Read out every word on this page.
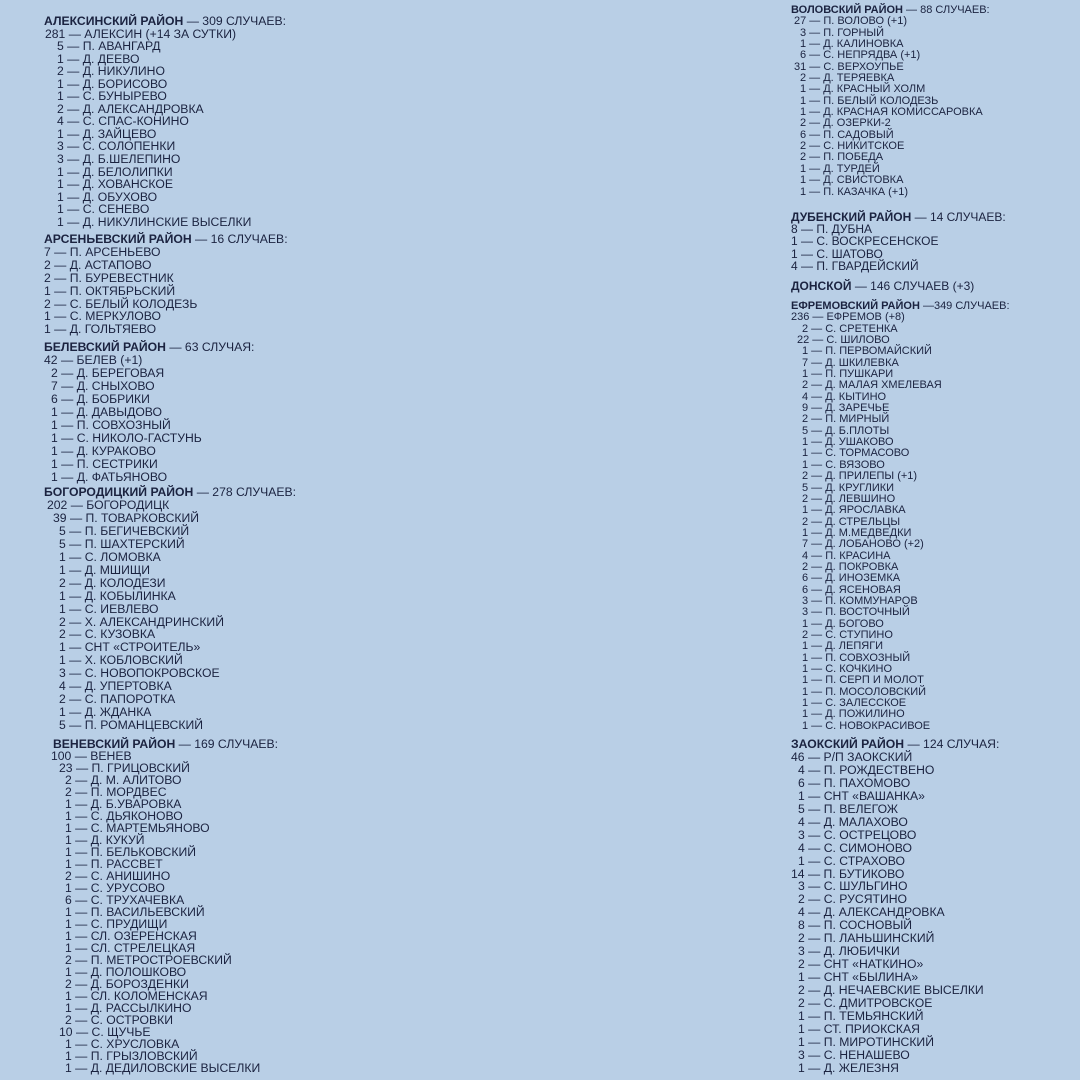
АЛЕКСИНСКИЙ РАЙОН — 309 СЛУЧАЕВ:
281 — АЛЕКСИН (+14 ЗА СУТКИ)
5 — П. АВАНГАРД
1 — Д. ДЕЕВО
2 — Д. НИКУЛИНО
1 — Д. БОРИСОВО
1 — С. БУНЫРЕВО
2 — Д. АЛЕКСАНДРОВКА
4 — С. СПАС-КОНИНО
1 — Д. ЗАЙЦЕВО
3 — С. СОЛОПЕНКИ
3 — Д. Б.ШЕЛЕПИНО
1 — Д. БЕЛОЛИПКИ
1 — Д. ХОВАНСКОЕ
1 — Д. ОБУХОВО
1 — С. СЕНЕВО
1 — Д. НИКУЛИНСКИЕ ВЫСЕЛКИ
АРСЕНЬЕВСКИЙ РАЙОН — 16 СЛУЧАЕВ:
7 — П. АРСЕНЬЕВО
2 — Д. АСТАПОВО
2 — П. БУРЕВЕСТНИК
1 — П. ОКТЯБРЬСКИЙ
2 — С. БЕЛЫЙ КОЛОДЕЗЬ
1 — С. МЕРКУЛОВО
1 — Д. ГОЛЬТЯЕВО
БЕЛЕВСКИЙ РАЙОН — 63 СЛУЧАЯ:
42 — БЕЛЕВ (+1)
2 — Д. БЕРЕГОВАЯ
7 — Д. СНЫХОВО
6 — Д. БОБРИКИ
1 — Д. ДАВЫДОВО
1 — П. СОВХОЗНЫЙ
1 — С. НИКОЛО-ГАСТУНЬ
1 — Д. КУРАКОВО
1 — П. СЕСТРИКИ
1 — Д. ФАТЬЯНОВО
БОГОРОДИЦКИЙ РАЙОН — 278 СЛУЧАЕВ:
202 — БОГОРОДИЦК
39 — П. ТОВАРКОВСКИЙ
5 — П. БЕГИЧЕВСКИЙ
5 — П. ШАХТЕРСКИЙ
1 — С. ЛОМОВКА
1 — Д. МШИЩИ
2 — Д. КОЛОДЕЗИ
1 — Д. КОБЫЛИНКА
1 — С. ИЕВЛЕВО
2 — Х. АЛЕКСАНДРИНСКИЙ
2 — С. КУЗОВКА
1 — СНТ «СТРОИТЕЛЬ»
1 — Х. КОБЛОВСКИЙ
3 — С. НОВОПОКРОВСКОЕ
4 — Д. УПЕРТОВКА
2 — С. ПАПОРОТКА
1 — Д. ЖДАНКА
5 — П. РОМАНЦЕВСКИЙ
ВЕНЕВСКИЙ РАЙОН — 169 СЛУЧАЕВ:
100 — ВЕНЕВ
23 — П. ГРИЦОВСКИЙ
2 — Д. М. АЛИТОВО
2 — П. МОРДВЕС
1 — Д. Б.УВАРОВКА
1 — С. ДЬЯКОНОВО
1 — С. МАРТЕМЬЯНОВО
1 — Д. КУКУЙ
1 — П. БЕЛЬКОВСКИЙ
1 — П. РАССВЕТ
2 — С. АНИШИНО
1 — С. УРУСОВО
6 — С. ТРУХАЧЕВКА
1 — П. ВАСИЛЬЕВСКИЙ
1 — С. ПРУДИЩИ
1 — СЛ. ОЗЕРЕНСКАЯ
1 — СЛ. СТРЕЛЕЦКАЯ
2 — П. МЕТРОСТРОЕВСКИЙ
1 — Д. ПОЛОШКОВО
2 — Д. БОРОЗДЕНКИ
1 — СЛ. КОЛОМЕНСКАЯ
1 — Д. РАССЫЛКИНО
2 — С. ОСТРОВКИ
10 — С. ЩУЧЬЕ
1 — С. ХРУСЛОВКА
1 — П. ГРЫЗЛОВСКИЙ
1 — Д. ДЕДИЛОВСКИЕ ВЫСЕЛКИ
ВОЛОВСКИЙ РАЙОН — 88 СЛУЧАЕВ:
27 — П. ВОЛОВО (+1)
3 — П. ГОРНЫЙ
1 — Д. КАЛИНОВКА
6 — С. НЕПРЯДВА (+1)
31 — С. ВЕРХОУПЬЕ
2 — Д. ТЕРЯЕВКА
1 — Д. КРАСНЫЙ ХОЛМ
1 — П. БЕЛЫЙ КОЛОДЕЗЬ
1 — Д. КРАСНАЯ КОМИССАРОВКА
2 — Д. ОЗЕРКИ-2
6 — П. САДОВЫЙ
2 — С. НИКИТСКОЕ
2 — П. ПОБЕДА
1 — Д. ТУРДЕЙ
1 — Д. СВИСТОВКА
1 — П. КАЗАЧКА (+1)
ДУБЕНСКИЙ РАЙОН — 14 СЛУЧАЕВ:
8 — П. ДУБНА
1 — С. ВОСКРЕСЕНСКОЕ
1 — С. ШАТОВО
4 — П. ГВАРДЕЙСКИЙ
ДОНСКОЙ — 146 СЛУЧАЕВ (+3)
ЕФРЕМОВСКИЙ РАЙОН —349 СЛУЧАЕВ:
236 — ЕФРЕМОВ (+8)
2 — С. СРЕТЕНКА
22 — С. ШИЛОВО
1 — П. ПЕРВОМАЙСКИЙ
7 — Д. ШКИЛЕВКА
1 — П. ПУШКАРИ
2 — Д. МАЛАЯ ХМЕЛЕВАЯ
4 — Д. КЫТИНО
9 — Д. ЗАРЕЧЬЕ
2 — П. МИРНЫЙ
5 — Д. Б.ПЛОТЫ
1 — Д. УШАКОВО
1 — С. ТОРМАСОВО
1 — С. ВЯЗОВО
2 — Д. ПРИЛЕПЫ (+1)
5 — Д. КРУГЛИКИ
2 — Д. ЛЕВШИНО
1 — Д. ЯРОСЛАВКА
2 — Д. СТРЕЛЬЦЫ
1 — Д. М.МЕДВЕДКИ
7 — Д. ЛОБАНОВО (+2)
4 — П. КРАСИНА
2 — Д. ПОКРОВКА
6 — Д. ИНОЗЕМКА
6 — Д. ЯСЕНОВАЯ
3 — П. КОММУНАРОВ
3 — П. ВОСТОЧНЫЙ
1 — Д. БОГОВО
2 — С. СТУПИНО
1 — Д. ЛЕПЯГИ
1 — П. СОВХОЗНЫЙ
1 — С. КОЧКИНО
1 — П. СЕРП И МОЛОТ
1 — П. МОСОЛОВСКИЙ
1 — С. ЗАЛЕССКОЕ
1 — Д. ПОЖИЛИНО
1 — С. НОВОКРАСИВОЕ
ЗАОКСКИЙ РАЙОН — 124 СЛУЧАЯ:
46 — Р/П ЗАОКСКИЙ
4 — П. РОЖДЕСТВЕНО
6 — П. ПАХОМОВО
1 — СНТ «ВАШАНКА»
5 — П. ВЕЛЕГОЖ
4 — Д. МАЛАХОВО
3 — С. ОСТРЕЦОВО
4 — С. СИМОНОВО
1 — С. СТРАХОВО
14 — П. БУТИКОВО
3 — С. ШУЛЬГИНО
2 — С. РУСЯТИНО
4 — Д. АЛЕКСАНДРОВКА
8 — П. СОСНОВЫЙ
2 — П. ЛАНЬШИНСКИЙ
3 — Д. ЛЮБИЧКИ
2 — СНТ «НАТКИНО»
1 — СНТ «БЫЛИНА»
2 — Д. НЕЧАЕВСКИЕ ВЫСЕЛКИ
2 — С. ДМИТРОВСКОЕ
1 — П. ТЕМЬЯНСКИЙ
1 — СТ. ПРИОКСКАЯ
1 — П. МИРОТИНСКИЙ
3 — С. НЕНАШЕВО
1 — Д. ЖЕЛЕЗНЯ
